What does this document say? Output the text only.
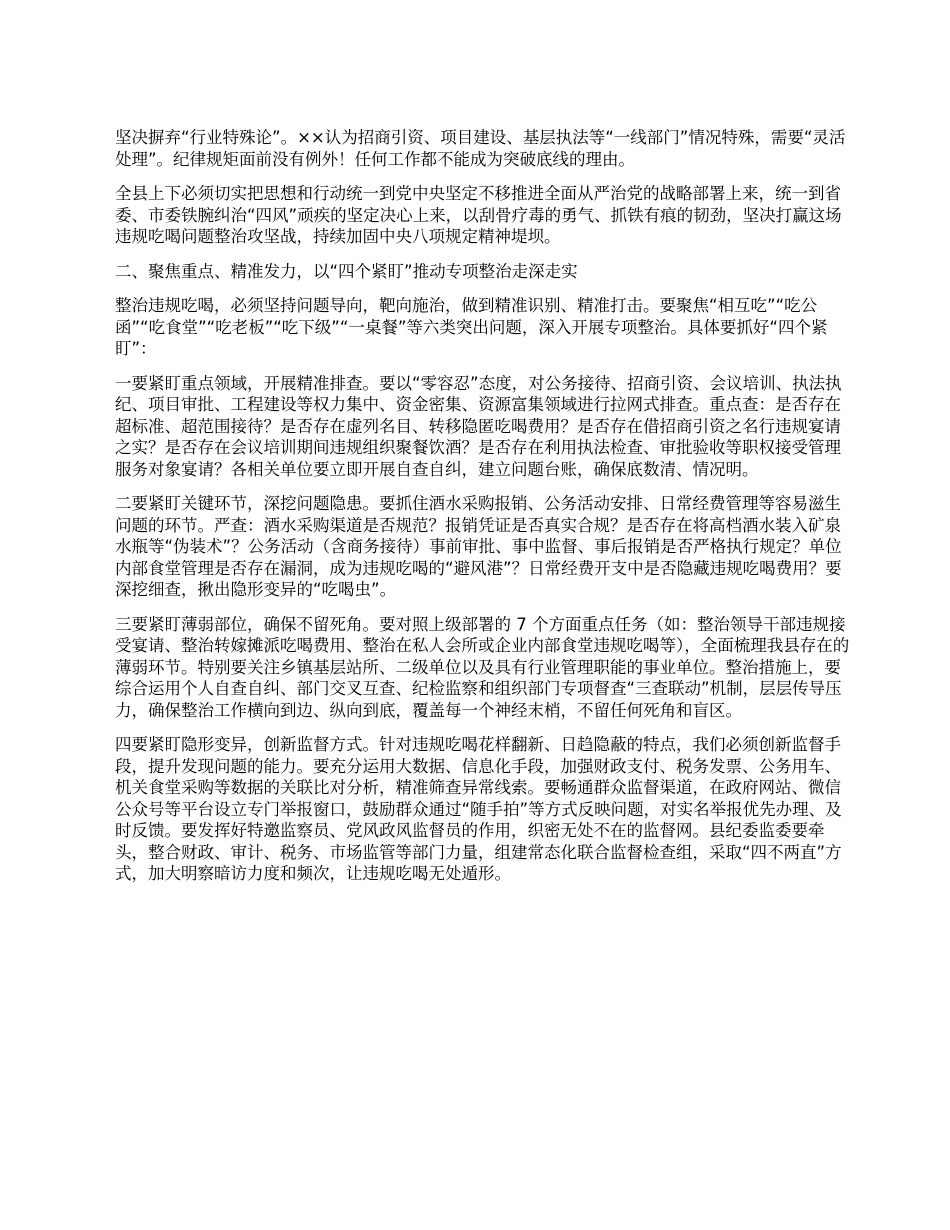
坚决摒弃“行业特殊论”。××认为招商引资、项目建设、基层执法等“一线部门”情况特殊，需要“灵活处理”。纪律规矩面前没有例外！任何工作都不能成为突破底线的理由。

全县上下必须切实把思想和行动统一到党中央坚定不移推进全面从严治党的战略部署上来，统一到省委、市委铁腕纠治“四风”顽疾的坚定决心上来，以刮骨疗毒的勇气、抓铁有痕的韧劲，坚决打赢这场违规吃喝问题整治攻坚战，持续加固中央八项规定精神堤坝。

二、聚焦重点、精准发力，以“四个紧盯”推动专项整治走深走实

整治违规吃喝，必须坚持问题导向，靶向施治，做到精准识别、精准打击。要聚焦“相互吃”“吃公函”“吃食堂”“吃老板”“吃下级”“一桌餐”等六类突出问题，深入开展专项整治。具体要抓好“四个紧盯”：

一要紧盯重点领域，开展精准排查。要以“零容忍”态度，对公务接待、招商引资、会议培训、执法执纪、项目审批、工程建设等权力集中、资金密集、资源富集领域进行拉网式排查。重点查：是否存在超标准、超范围接待？是否存在虚列名目、转移隐匿吃喝费用？是否存在借招商引资之名行违规宴请之实？是否存在会议培训期间违规组织聚餐饮酒？是否存在利用执法检查、审批验收等职权接受管理服务对象宴请？各相关单位要立即开展自查自纠，建立问题台账，确保底数清、情况明。

二要紧盯关键环节，深挖问题隐患。要抓住酒水采购报销、公务活动安排、日常经费管理等容易滋生问题的环节。严查：酒水采购渠道是否规范？报销凭证是否真实合规？是否存在将高档酒水装入矿泉水瓶等“伪装术”？公务活动（含商务接待）事前审批、事中监督、事后报销是否严格执行规定？单位内部食堂管理是否存在漏洞，成为违规吃喝的“避风港”？日常经费开支中是否隐藏违规吃喝费用？要深挖细查，揪出隐形变异的“吃喝虫”。

三要紧盯薄弱部位，确保不留死角。要对照上级部署的 7 个方面重点任务（如：整治领导干部违规接受宴请、整治转嫁摊派吃喝费用、整治在私人会所或企业内部食堂违规吃喝等），全面梳理我县存在的薄弱环节。特别要关注乡镇基层站所、二级单位以及具有行业管理职能的事业单位。整治措施上，要综合运用个人自查自纠、部门交叉互查、纪检监察和组织部门专项督查“三查联动”机制，层层传导压力，确保整治工作横向到边、纵向到底，覆盖每一个神经末梢，不留任何死角和盲区。

四要紧盯隐形变异，创新监督方式。针对违规吃喝花样翻新、日趋隐蔽的特点，我们必须创新监督手段，提升发现问题的能力。要充分运用大数据、信息化手段，加强财政支付、税务发票、公务用车、机关食堂采购等数据的关联比对分析，精准筛查异常线索。要畅通群众监督渠道，在政府网站、微信公众号等平台设立专门举报窗口，鼓励群众通过“随手拍”等方式反映问题，对实名举报优先办理、及时反馈。要发挥好特邀监察员、党风政风监督员的作用，织密无处不在的监督网。县纪委监委要牵头，整合财政、审计、税务、市场监管等部门力量，组建常态化联合监督检查组，采取“四不两直”方式，加大明察暗访力度和频次，让违规吃喝无处遁形。
